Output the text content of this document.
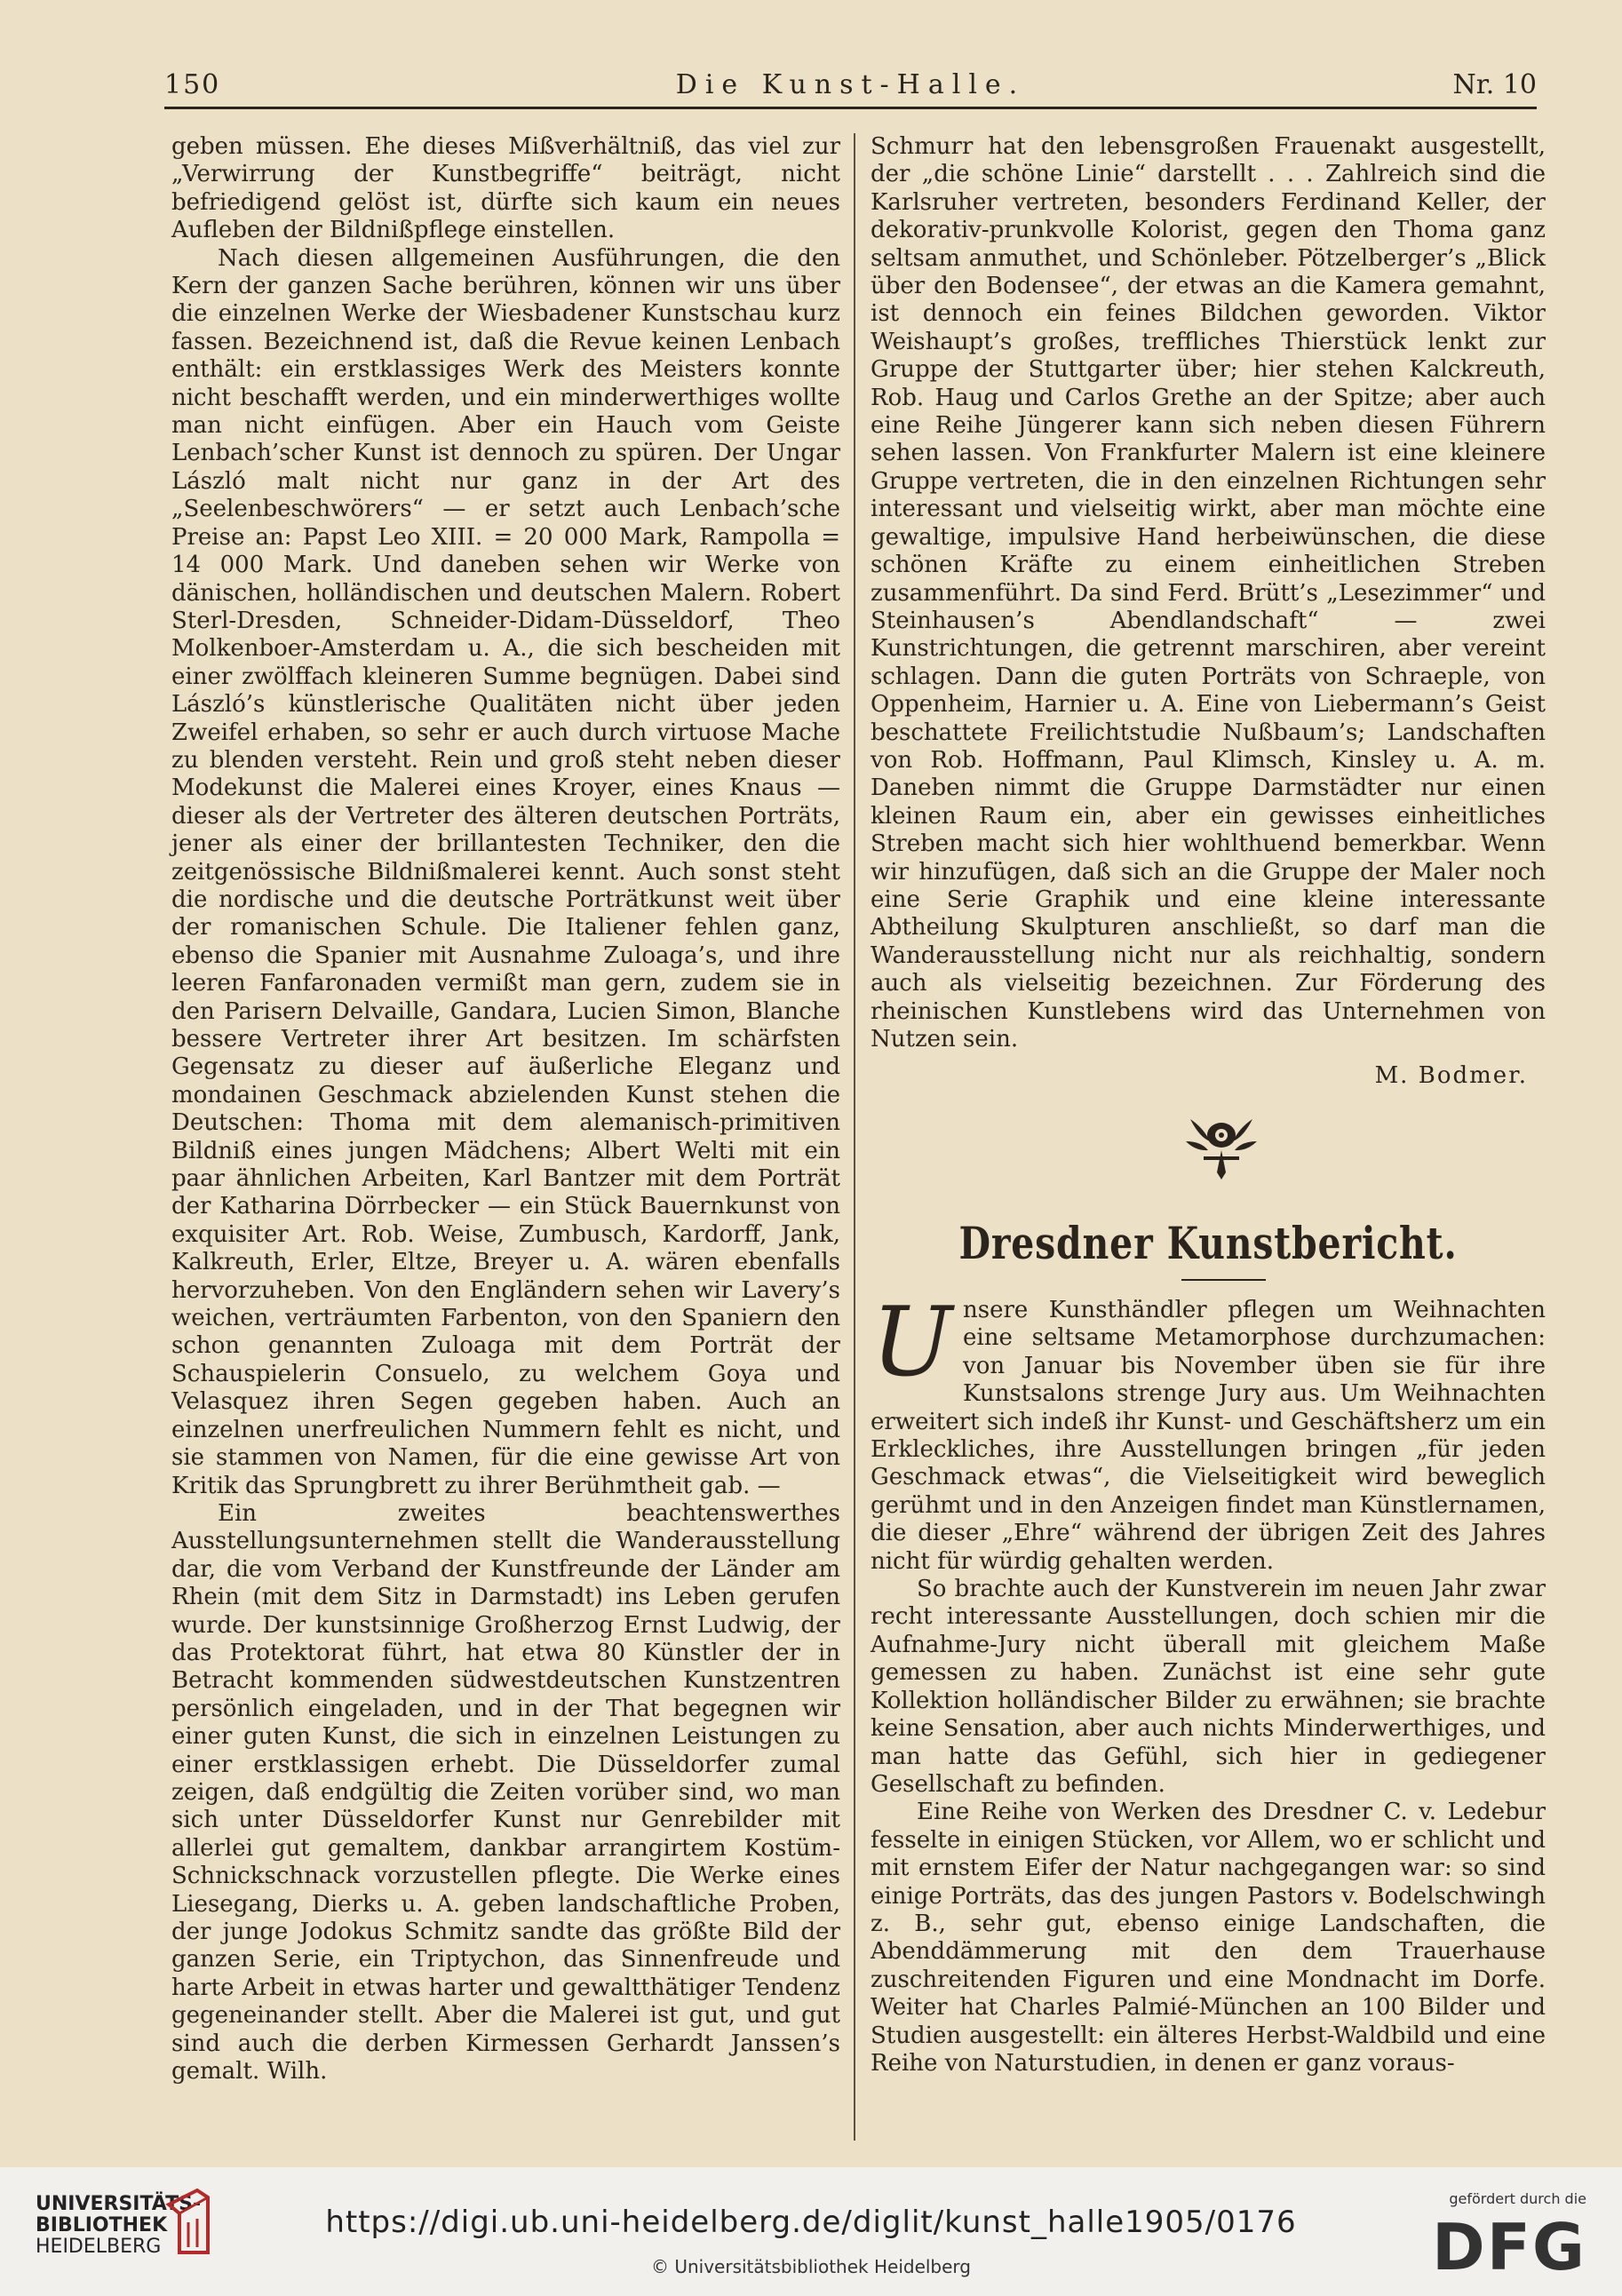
150	Die Kunst-Halle.	Nr. 10

geben müssen. Ehe dieses Mißverhältniß, das viel zur „Verwirrung der Kunstbegriffe“ beiträgt, nicht befriedigend gelöst ist, dürfte sich kaum ein neues Aufleben der Bildnißpflege einstellen.

Nach diesen allgemeinen Ausführungen, die den Kern der ganzen Sache berühren, können wir uns über die einzelnen Werke der Wiesbadener Kunstschau kurz fassen. Bezeichnend ist, daß die Revue keinen Lenbach enthält: ein erstklassiges Werk des Meisters konnte nicht beschafft werden, und ein minderwerthiges wollte man nicht einfügen. Aber ein Hauch vom Geiste Lenbach’scher Kunst ist dennoch zu spüren. Der Ungar László malt nicht nur ganz in der Art des „Seelenbeschwörers“ — er setzt auch Lenbach’sche Preise an: Papst Leo XIII. = 20 000 Mark, Rampolla = 14 000 Mark. Und daneben sehen wir Werke von dänischen, holländischen und deutschen Malern. Robert Sterl-Dresden, Schneider-Didam-Düsseldorf, Theo Molkenboer-Amsterdam u. A., die sich bescheiden mit einer zwölffach kleineren Summe begnügen. Dabei sind László’s künstlerische Qualitäten nicht über jeden Zweifel erhaben, so sehr er auch durch virtuose Mache zu blenden versteht. Rein und groß steht neben dieser Modekunst die Malerei eines Kroyer, eines Knaus — dieser als der Vertreter des älteren deutschen Porträts, jener als einer der brillantesten Techniker, den die zeitgenössische Bildnißmalerei kennt. Auch sonst steht die nordische und die deutsche Porträtkunst weit über der romanischen Schule. Die Italiener fehlen ganz, ebenso die Spanier mit Ausnahme Zuloaga’s, und ihre leeren Fanfaronaden vermißt man gern, zudem sie in den Parisern Delvaille, Gandara, Lucien Simon, Blanche bessere Vertreter ihrer Art besitzen. Im schärfsten Gegensatz zu dieser auf äußerliche Eleganz und mondainen Geschmack abzielenden Kunst stehen die Deutschen: Thoma mit dem alemanisch-primitiven Bildniß eines jungen Mädchens; Albert Welti mit ein paar ähnlichen Arbeiten, Karl Bantzer mit dem Porträt der Katharina Dörrbecker — ein Stück Bauernkunst von exquisiter Art. Rob. Weise, Zumbusch, Kardorff, Jank, Kalkreuth, Erler, Eltze, Breyer u. A. wären ebenfalls hervorzuheben. Von den Engländern sehen wir Lavery’s weichen, verträumten Farbenton, von den Spaniern den schon genannten Zuloaga mit dem Porträt der Schauspielerin Consuelo, zu welchem Goya und Velasquez ihren Segen gegeben haben. Auch an einzelnen unerfreulichen Nummern fehlt es nicht, und sie stammen von Namen, für die eine gewisse Art von Kritik das Sprungbrett zu ihrer Berühmtheit gab. —

Ein zweites beachtenswerthes Ausstellungsunternehmen stellt die Wanderausstellung dar, die vom Verband der Kunstfreunde der Länder am Rhein (mit dem Sitz in Darmstadt) ins Leben gerufen wurde. Der kunstsinnige Großherzog Ernst Ludwig, der das Protektorat führt, hat etwa 80 Künstler der in Betracht kommenden südwestdeutschen Kunstzentren persönlich eingeladen, und in der That begegnen wir einer guten Kunst, die sich in einzelnen Leistungen zu einer erstklassigen erhebt. Die Düsseldorfer zumal zeigen, daß endgültig die Zeiten vorüber sind, wo man sich unter Düsseldorfer Kunst nur Genrebilder mit allerlei gut gemaltem, dankbar arrangirtem Kostüm-Schnickschnack vorzustellen pflegte. Die Werke eines Liesegang, Dierks u. A. geben landschaftliche Proben, der junge Jodokus Schmitz sandte das größte Bild der ganzen Serie, ein Triptychon, das Sinnenfreude und harte Arbeit in etwas harter und gewaltthätiger Tendenz gegeneinander stellt. Aber die Malerei ist gut, und gut sind auch die derben Kirmessen Gerhardt Janssen’s gemalt. Wilh.

Schmurr hat den lebensgroßen Frauenakt ausgestellt, der „die schöne Linie“ darstellt . . . Zahlreich sind die Karlsruher vertreten, besonders Ferdinand Keller, der dekorativ-prunkvolle Kolorist, gegen den Thoma ganz seltsam anmuthet, und Schönleber. Pötzelberger’s „Blick über den Bodensee“, der etwas an die Kamera gemahnt, ist dennoch ein feines Bildchen geworden. Viktor Weishaupt’s großes, treffliches Thierstück lenkt zur Gruppe der Stuttgarter über; hier stehen Kalckreuth, Rob. Haug und Carlos Grethe an der Spitze; aber auch eine Reihe Jüngerer kann sich neben diesen Führern sehen lassen. Von Frankfurter Malern ist eine kleinere Gruppe vertreten, die in den einzelnen Richtungen sehr interessant und vielseitig wirkt, aber man möchte eine gewaltige, impulsive Hand herbeiwünschen, die diese schönen Kräfte zu einem einheitlichen Streben zusammenführt. Da sind Ferd. Brütt’s „Lesezimmer“ und Steinhausen’s Abendlandschaft“ — zwei Kunstrichtungen, die getrennt marschiren, aber vereint schlagen. Dann die guten Porträts von Schraeple, von Oppenheim, Harnier u. A. Eine von Liebermann’s Geist beschattete Freilichtstudie Nußbaum’s; Landschaften von Rob. Hoffmann, Paul Klimsch, Kinsley u. A. m. Daneben nimmt die Gruppe Darmstädter nur einen kleinen Raum ein, aber ein gewisses einheitliches Streben macht sich hier wohlthuend bemerkbar. Wenn wir hinzufügen, daß sich an die Gruppe der Maler noch eine Serie Graphik und eine kleine interessante Abtheilung Skulpturen anschließt, so darf man die Wanderausstellung nicht nur als reichhaltig, sondern auch als vielseitig bezeichnen. Zur Förderung des rheinischen Kunstlebens wird das Unternehmen von Nutzen sein.

M. Bodmer.
Dresdner Kunstbericht.
U nsere Kunsthändler pflegen um Weihnachten eine seltsame Metamorphose durchzumachen: von Januar bis November üben sie für ihre Kunstsalons strenge Jury aus. Um Weihnachten erweitert sich indeß ihr Kunst- und Geschäftsherz um ein Erkleckliches, ihre Ausstellungen bringen „für jeden Geschmack etwas“, die Vielseitigkeit wird beweglich gerühmt und in den Anzeigen findet man Künstlernamen, die dieser „Ehre“ während der übrigen Zeit des Jahres nicht für würdig gehalten werden.

So brachte auch der Kunstverein im neuen Jahr zwar recht interessante Ausstellungen, doch schien mir die Aufnahme-Jury nicht überall mit gleichem Maße gemessen zu haben. Zunächst ist eine sehr gute Kollektion holländischer Bilder zu erwähnen; sie brachte keine Sensation, aber auch nichts Minderwerthiges, und man hatte das Gefühl, sich hier in gediegener Gesellschaft zu befinden.

Eine Reihe von Werken des Dresdner C. v. Ledebur fesselte in einigen Stücken, vor Allem, wo er schlicht und mit ernstem Eifer der Natur nachgegangen war: so sind einige Porträts, das des jungen Pastors v. Bodelschwingh z. B., sehr gut, ebenso einige Landschaften, die Abenddämmerung mit den dem Trauerhause zuschreitenden Figuren und eine Mondnacht im Dorfe. Weiter hat Charles Palmié-München an 100 Bilder und Studien ausgestellt: ein älteres Herbst-Waldbild und eine Reihe von Naturstudien, in denen er ganz voraus-

UNIVERSITÄTS-
BIBLIOTHEK
HEIDELBERG
https://digi.ub.uni-heidelberg.de/diglit/kunst_halle1905/0176
© Universitätsbibliothek Heidelberg
gefördert durch die
DFG
